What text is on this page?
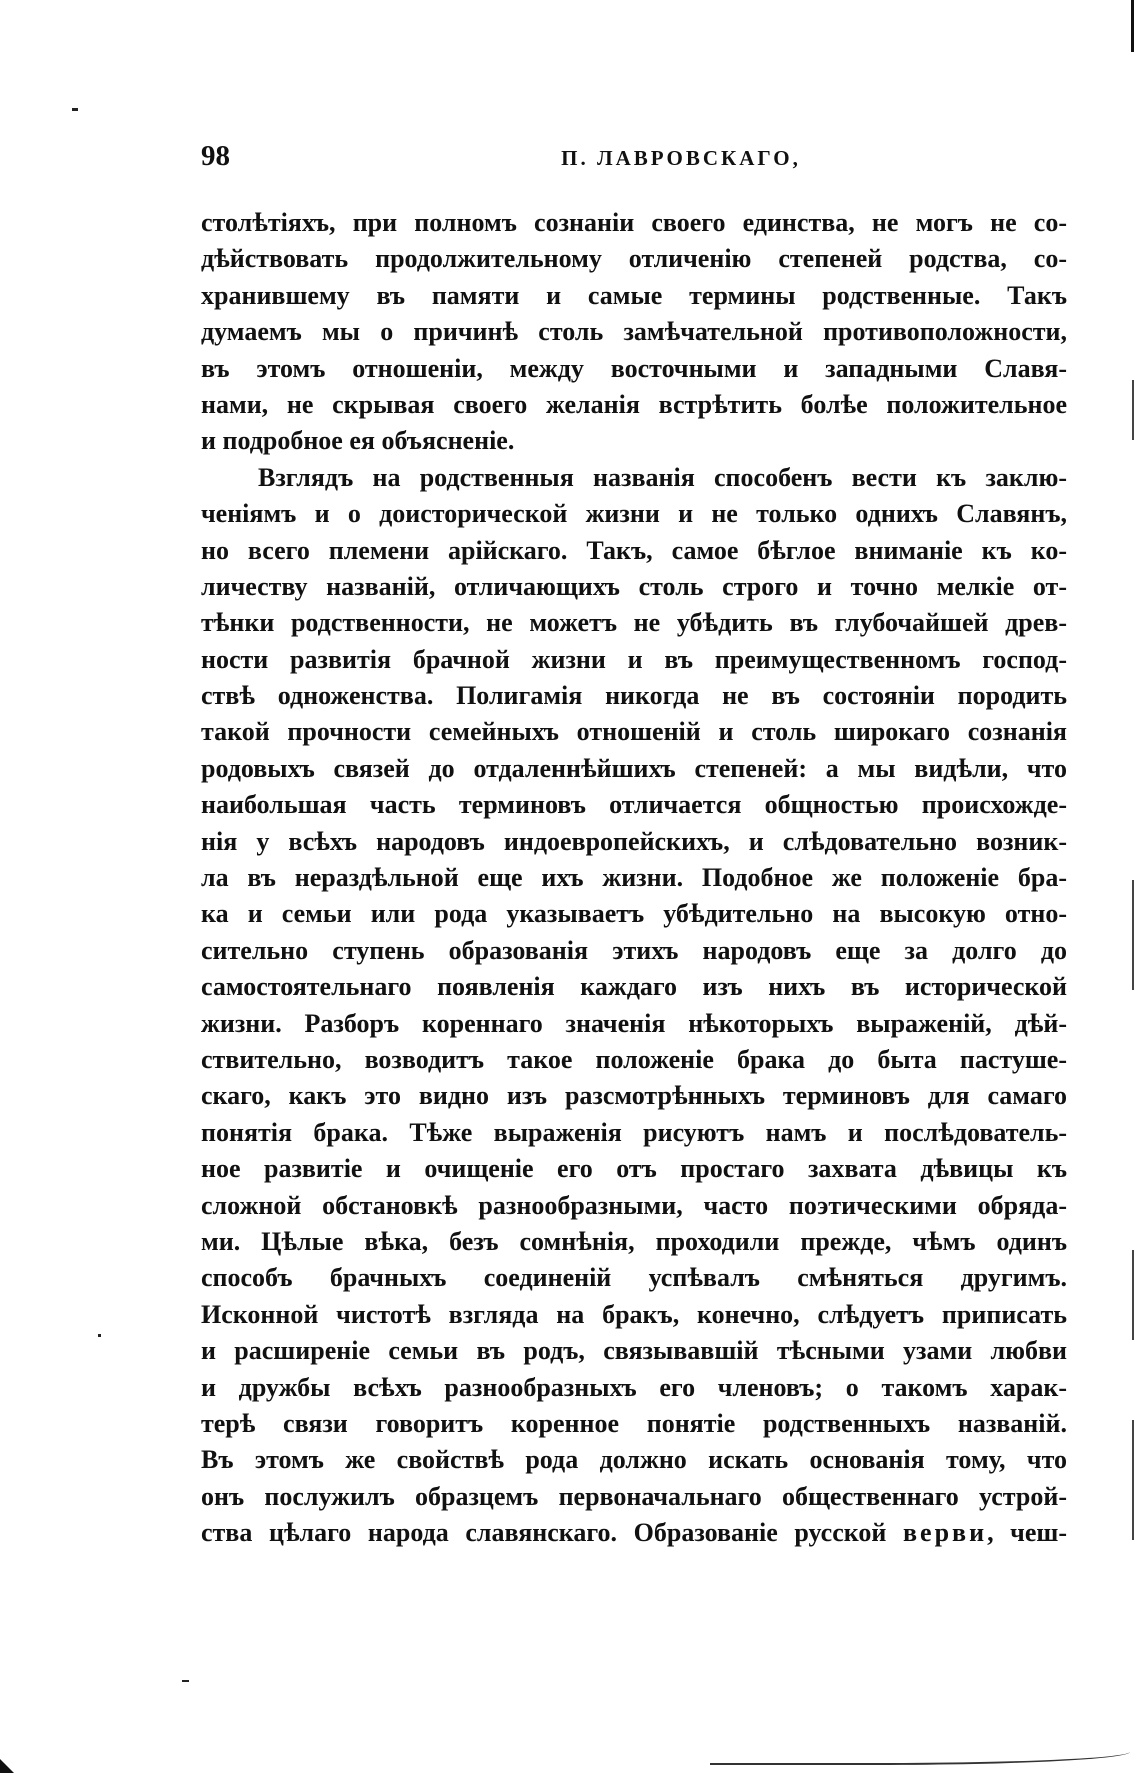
98	П. ЛАВРОВСКАГО,
столѣтіяхъ, при полномъ сознаніи своего единства, не могъ не со-
дѣйствовать продолжительному отличенію степеней родства, со-
хранившему въ памяти и самые термины родственные. Такъ
думаемъ мы о причинѣ столь замѣчательной противоположности,
въ этомъ отношеніи, между восточными и западными Славя-
нами, не скрывая своего желанія встрѣтить болѣе положительное
и подробное ея объясненіе.
Взглядъ на родственныя названія способенъ вести къ заклю-
ченіямъ и о доисторической жизни и не только однихъ Славянъ,
но всего племени арійскаго. Такъ, самое бѣглое вниманіе къ ко-
личеству названій, отличающихъ столь строго и точно мелкіе от-
тѣнки родственности, не можетъ не убѣдить въ глубочайшей древ-
ности развитія брачной жизни и въ преимущественномъ господ-
ствѣ одноженства. Полигамія никогда не въ состояніи породить
такой прочности семейныхъ отношеній и столь широкаго сознанія
родовыхъ связей до отдаленнѣйшихъ степеней: а мы видѣли, что
наибольшая часть терминовъ отличается общностью происхожде-
нія у всѣхъ народовъ индоевропейскихъ, и слѣдовательно возник-
ла въ нераздѣльной еще ихъ жизни. Подобное же положеніе бра-
ка и семьи или рода указываетъ убѣдительно на высокую отно-
сительно ступень образованія этихъ народовъ еще за долго до
самостоятельнаго появленія каждаго изъ нихъ въ исторической
жизни. Разборъ кореннаго значенія нѣкоторыхъ выраженій, дѣй-
ствительно, возводитъ такое положеніе брака до быта пастуше-
скаго, какъ это видно изъ разсмотрѣнныхъ терминовъ для самаго
понятія брака. Тѣже выраженія рисуютъ намъ и послѣдователь-
ное развитіе и очищеніе его отъ простаго захвата дѣвицы къ
сложной обстановкѣ разнообразными, часто поэтическими обряда-
ми. Цѣлые вѣка, безъ сомнѣнія, проходили прежде, чѣмъ одинъ
способъ брачныхъ соединеній успѣвалъ смѣняться другимъ.
Исконной чистотѣ взгляда на бракъ, конечно, слѣдуетъ приписать
и расширеніе семьи въ родъ, связывавшій тѣсными узами любви
и дружбы всѣхъ разнообразныхъ его членовъ; о такомъ харак-
терѣ связи говоритъ коренное понятіе родственныхъ названій.
Въ этомъ же свойствѣ рода должно искать основанія тому, что
онъ послужилъ образцемъ первоначальнаго общественнаго устрой-
ства цѣлаго народа славянскаго. Образованіе русской верви, чеш-
